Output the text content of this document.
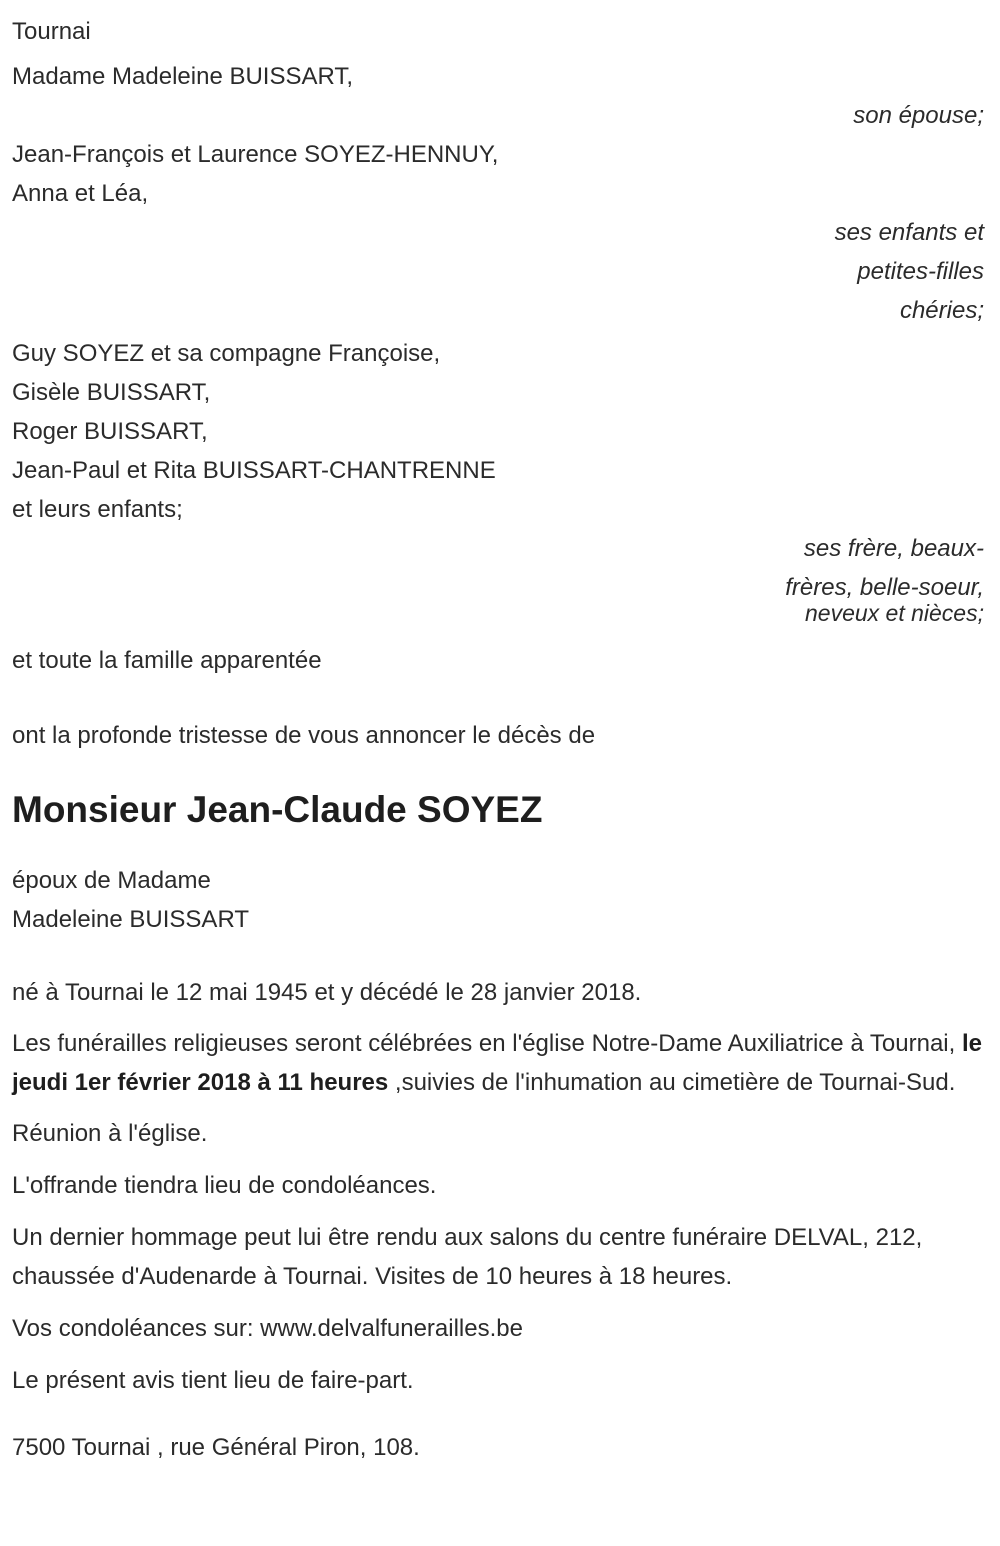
Tournai

Madame Madeleine BUISSART,

son épouse;

Jean-François et Laurence SOYEZ-HENNUY,

Anna et Léa,

ses enfants et

petites-filles

chéries;

Guy SOYEZ et sa compagne Françoise,

Gisèle BUISSART,

Roger BUISSART,

Jean-Paul et Rita BUISSART-CHANTRENNE

et leurs enfants;

ses frère, beaux-

frères, belle-soeur,

neveux et nièces;

et toute la famille apparentée

ont la profonde tristesse de vous annoncer le décès de

Monsieur Jean-Claude SOYEZ

époux de Madame

Madeleine BUISSART

né à Tournai le 12 mai 1945 et y décédé le 28 janvier 2018.

Les funérailles religieuses seront célébrées en l'église Notre-Dame Auxiliatrice à Tournai, le jeudi 1er février 2018 à 11 heures ,suivies de l'inhumation au cimetière de Tournai-Sud.

Réunion à l'église.

L'offrande tiendra lieu de condoléances.

Un dernier hommage peut lui être rendu aux salons du centre funéraire DELVAL, 212, chaussée d'Audenarde à Tournai. Visites de 10 heures à 18 heures.

Vos condoléances sur: www.delvalfunerailles.be

Le présent avis tient lieu de faire-part.

7500 Tournai , rue Général Piron, 108.
